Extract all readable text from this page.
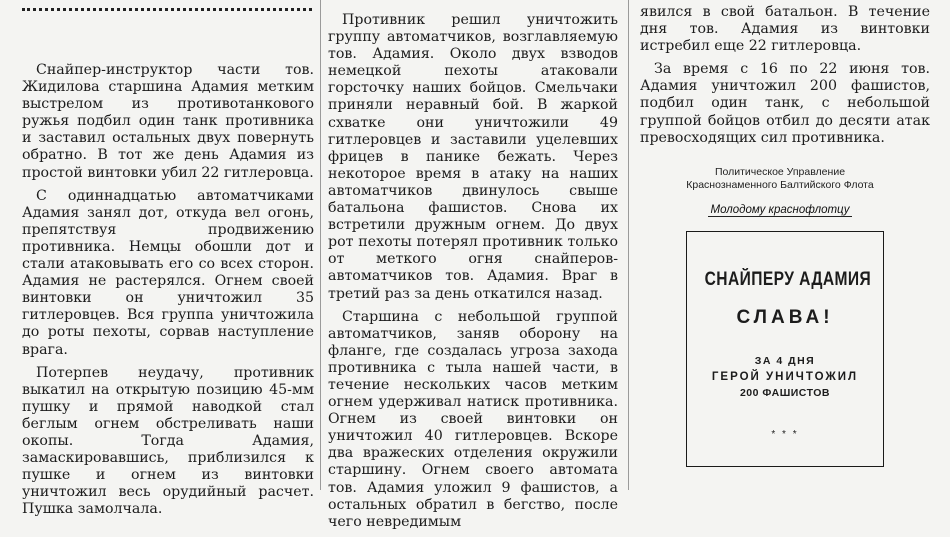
Снайпер-инструктор части тов. Жидилова старшина Адамия метким выстрелом из противотанкового ружья подбил один танк противника и заставил остальных двух повернуть обратно. В тот же день Адамия из простой винтовки убил 22 гитлеровца.

С одиннадцатью автоматчиками Адамия занял дот, откуда вел огонь, препятствуя продвижению противника. Немцы обошли дот и стали атаковывать его со всех сторон. Адамия не растерялся. Огнем своей винтовки он уничтожил 35 гитлеровцев. Вся группа уничтожила до роты пехоты, сорвав наступление врага.

Потерпев неудачу, противник выкатил на открытую позицию 45-мм пушку и прямой наводкой стал беглым огнем обстреливать наши окопы. Тогда Адамия, замаскировавшись, приблизился к пушке и огнем из винтовки уничтожил весь орудийный расчет. Пушка замолчала.

Противник решил уничтожить группу автоматчиков, возглавляемую тов. Адамия. Около двух взводов немецкой пехоты атаковали горсточку наших бойцов. Смельчаки приняли неравный бой. В жаркой схватке они уничтожили 49 гитлеровцев и заставили уцелевших фрицев в панике бежать. Через некоторое время в атаку на наших автоматчиков двинулось свыше батальона фашистов. Снова их встретили дружным огнем. До двух рот пехоты потерял противник только от меткого огня снайперов-автоматчиков тов. Адамия. Враг в третий раз за день откатился назад.

Старшина с небольшой группой автоматчиков, заняв оборону на фланге, где создалась угроза захода противника с тыла нашей части, в течение нескольких часов метким огнем удерживал натиск противника. Огнем из своей винтовки он уничтожил 40 гитлеровцев. Вскоре два вражеских отделения окружили старшину. Огнем своего автомата тов. Адамия уложил 9 фашистов, а остальных обратил в бегство, после чего невредимым

явился в свой батальон. В течение дня тов. Адамия из винтовки истребил еще 22 гитлеровца.

За время с 16 по 22 июня тов. Адамия уничтожил 200 фашистов, подбил один танк, с небольшой группой бойцов отбил до десяти атак превосходящих сил противника.

Политическое Управление
Краснознаменного Балтийского Флота
Молодому краснофлотцу
СНАЙПЕРУ АДАМИЯ
СЛАВА!
ЗА 4 ДНЯ
ГЕРОЙ УНИЧТОЖИЛ
200 ФАШИСТОВ
* * *
